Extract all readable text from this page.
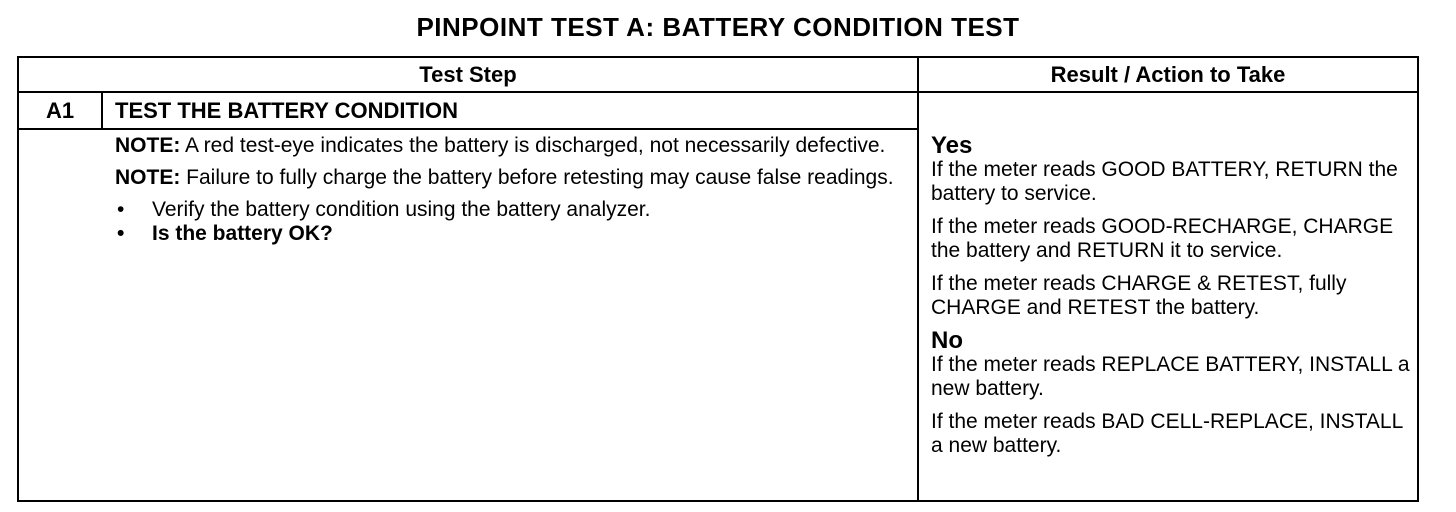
PINPOINT TEST A: BATTERY CONDITION TEST
Test Step	Result / Action to Take
A1	TEST THE BATTERY CONDITION

NOTE: A red test-eye indicates the battery is discharged, not necessarily defective.

NOTE: Failure to fully charge the battery before retesting may cause false readings.

• Verify the battery condition using the battery analyzer.
• Is the battery OK?
Yes

If the meter reads GOOD BATTERY, RETURN the battery to service.

If the meter reads GOOD-RECHARGE, CHARGE the battery and RETURN it to service.

If the meter reads CHARGE & RETEST, fully CHARGE and RETEST the battery.

No

If the meter reads REPLACE BATTERY, INSTALL a new battery.

If the meter reads BAD CELL-REPLACE, INSTALL a new battery.
